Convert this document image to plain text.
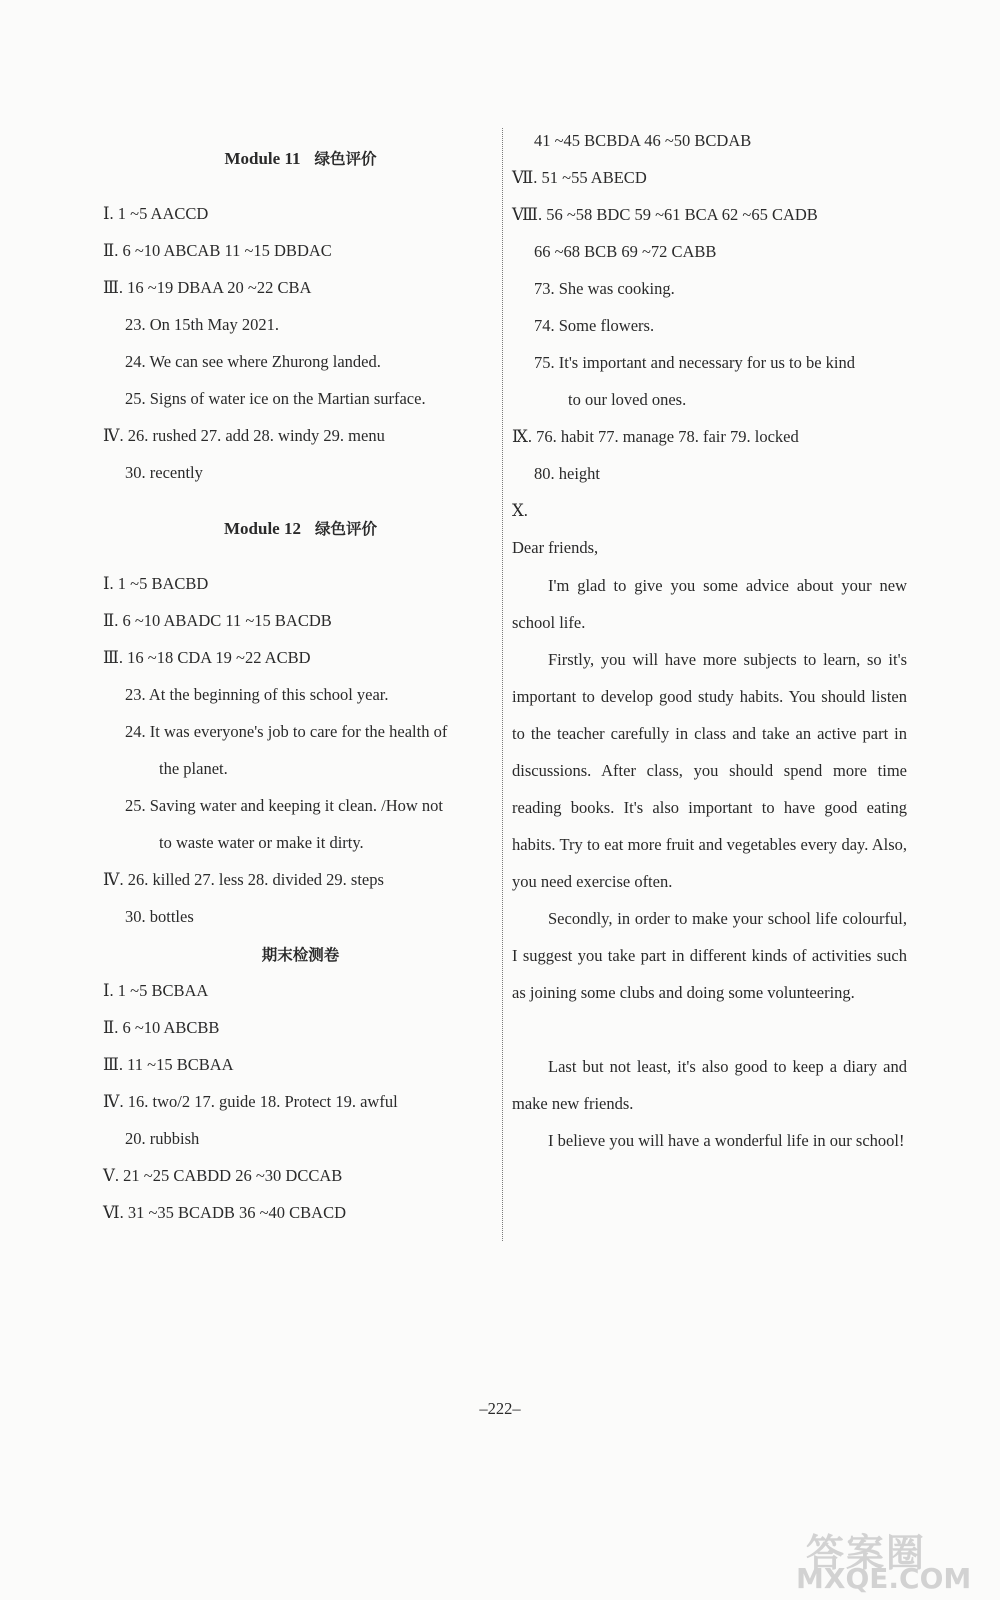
Module 11 绿色评价
Ⅰ. 1 ~5 AACCD
Ⅱ. 6 ~10 ABCAB 11 ~15 DBDAC
Ⅲ. 16 ~19 DBAA 20 ~22 CBA
23. On 15th May 2021.
24. We can see where Zhurong landed.
25. Signs of water ice on the Martian surface.
Ⅳ. 26. rushed 27. add 28. windy 29. menu
30. recently
Module 12 绿色评价
Ⅰ. 1 ~5 BACBD
Ⅱ. 6 ~10 ABADC 11 ~15 BACDB
Ⅲ. 16 ~18 CDA 19 ~22 ACBD
23. At the beginning of this school year.
24. It was everyone's job to care for the health of
the planet.
25. Saving water and keeping it clean. /How not
to waste water or make it dirty.
Ⅳ. 26. killed 27. less 28. divided 29. steps
30. bottles
期末检测卷
Ⅰ. 1 ~5 BCBAA
Ⅱ. 6 ~10 ABCBB
Ⅲ. 11 ~15 BCBAA
Ⅳ. 16. two/2 17. guide 18. Protect 19. awful
20. rubbish
Ⅴ. 21 ~25 CABDD 26 ~30 DCCAB
Ⅵ. 31 ~35 BCADB 36 ~40 CBACD
41 ~45 BCBDA 46 ~50 BCDAB
Ⅶ. 51 ~55 ABECD
Ⅷ. 56 ~58 BDC 59 ~61 BCA 62 ~65 CADB
66 ~68 BCB 69 ~72 CABB
73. She was cooking.
74. Some flowers.
75. It's important and necessary for us to be kind
to our loved ones.
Ⅸ. 76. habit 77. manage 78. fair 79. locked
80. height
Ⅹ.
Dear friends,
I'm glad to give you some advice about your new school life.
Firstly, you will have more subjects to learn, so it's important to develop good study habits. You should listen to the teacher carefully in class and take an active part in discussions. After class, you should spend more time reading books. It's also important to have good eating habits. Try to eat more fruit and vegetables every day. Also, you need exercise often.
Secondly, in order to make your school life colourful, I suggest you take part in different kinds of activities such as joining some clubs and doing some volunteering.
Last but not least, it's also good to keep a diary and make new friends.
I believe you will have a wonderful life in our school!
–222–
答案圈
MXQE.COM
